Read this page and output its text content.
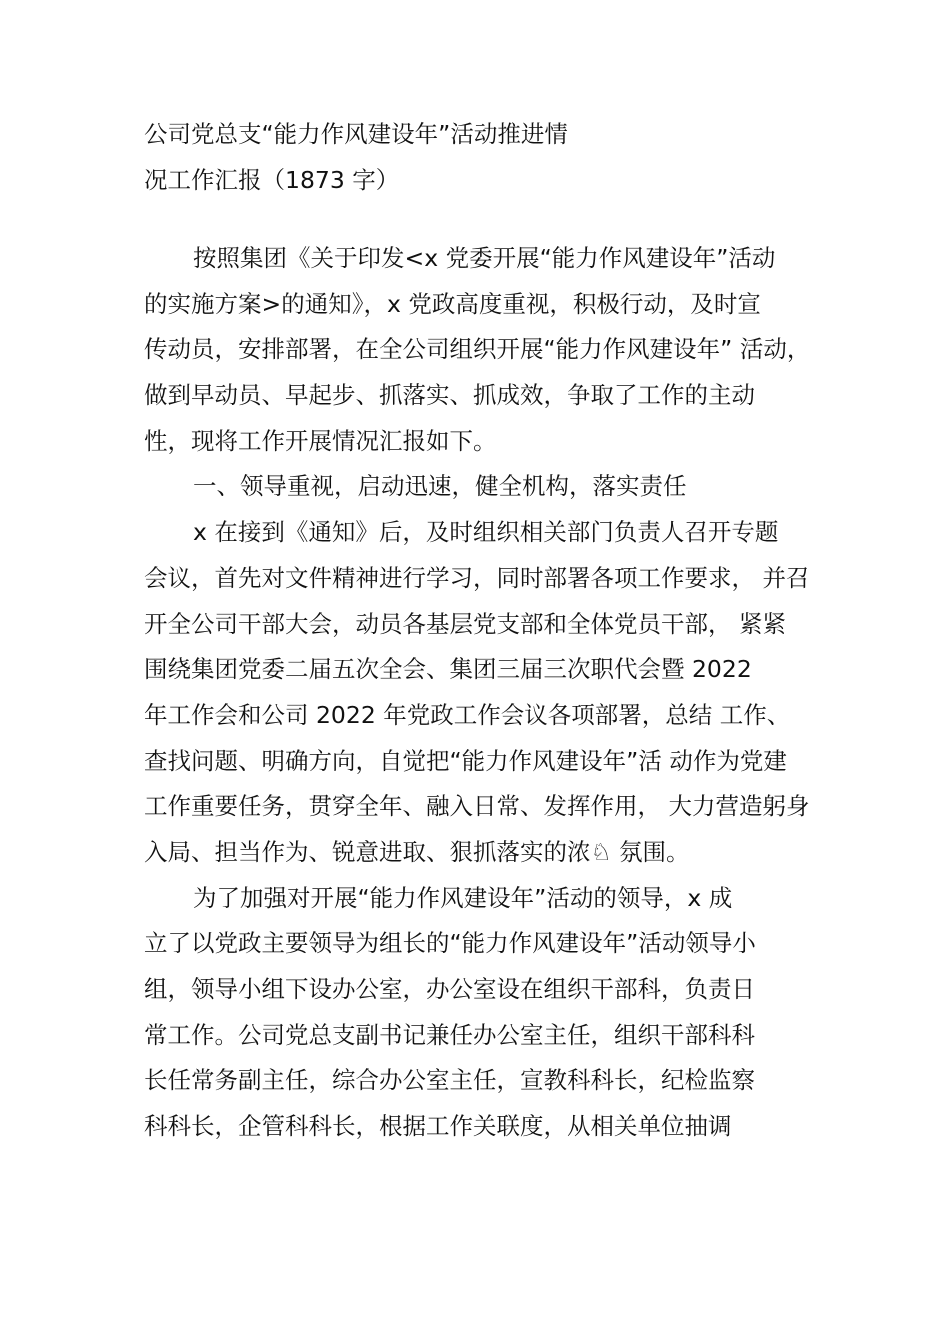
公司党总支“能力作风建设年”活动推进情
况工作汇报（1873 字）
按照集团《关于印发<x 党委开展“能力作风建设年”活动
的实施方案>的通知》，x 党政高度重视，积极行动，及时宣
传动员，安排部署，在全公司组织开展“能力作风建设年” 活动，
做到早动员、早起步、抓落实、抓成效，争取了工作的主动
性，现将工作开展情况汇报如下。
一、领导重视，启动迅速，健全机构，落实责任
x 在接到《通知》后，及时组织相关部门负责人召开专题
会议，首先对文件精神进行学习，同时部署各项工作要求， 并召
开全公司干部大会，动员各基层党支部和全体党员干部， 紧紧
围绕集团党委二届五次全会、集团三届三次职代会暨 2022
年工作会和公司 2022 年党政工作会议各项部署，总结 工作、
查找问题、明确方向，自觉把“能力作风建设年”活 动作为党建
工作重要任务，贯穿全年、融入日常、发挥作用， 大力营造躬身
入局、担当作为、锐意进取、狠抓落实的浓♘ 氛围。
为了加强对开展“能力作风建设年”活动的领导，x 成
立了以党政主要领导为组长的“能力作风建设年”活动领导小
组，领导小组下设办公室，办公室设在组织干部科，负责日
常工作。公司党总支副书记兼任办公室主任，组织干部科科
长任常务副主任，综合办公室主任，宣教科科长，纪检监察
科科长，企管科科长，根据工作关联度，从相关单位抽调
